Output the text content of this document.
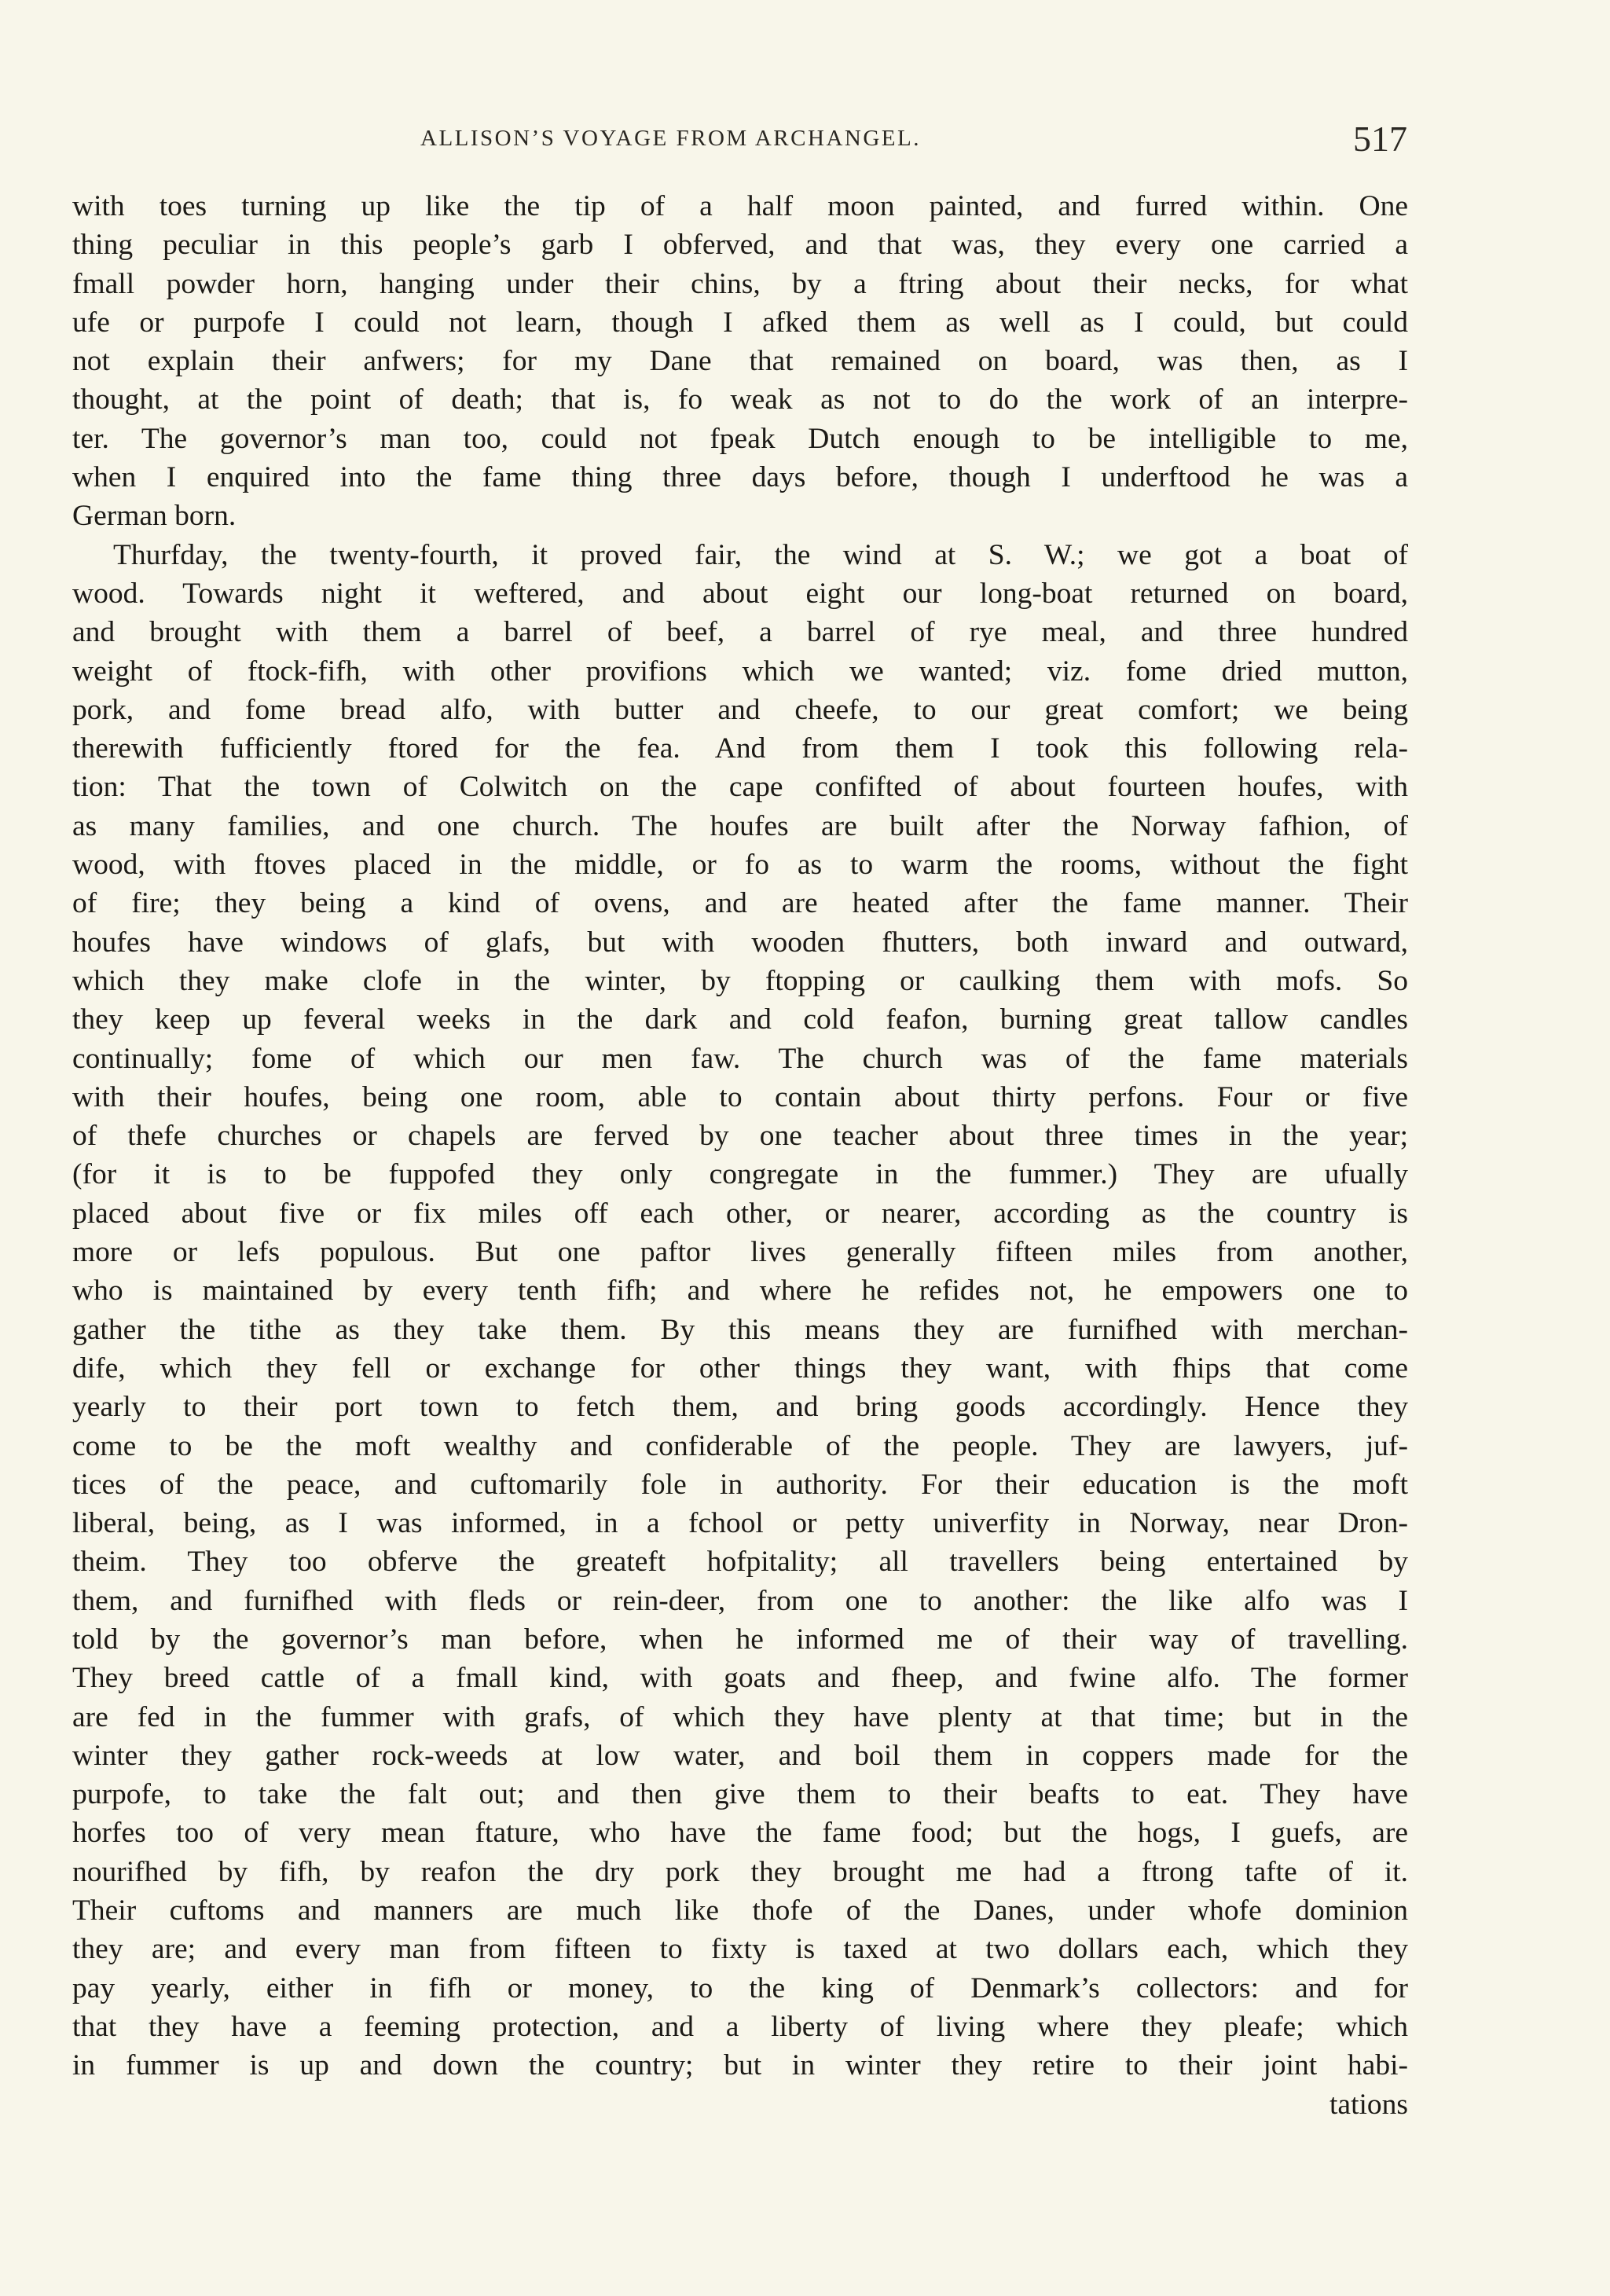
ALLISON’S VOYAGE FROM ARCHANGEL.	517
with toes turning up like the tip of a half moon painted, and furred within. One
thing peculiar in this people’s garb I obferved, and that was, they every one carried a
fmall powder horn, hanging under their chins, by a ftring about their necks, for what
ufe or purpofe I could not learn, though I afked them as well as I could, but could
not explain their anfwers; for my Dane that remained on board, was then, as I
thought, at the point of death; that is, fo weak as not to do the work of an interpre-
ter. The governor’s man too, could not fpeak Dutch enough to be intelligible to me,
when I enquired into the fame thing three days before, though I underftood he was a
German born.
Thurfday, the twenty-fourth, it proved fair, the wind at S. W.; we got a boat of
wood. Towards night it weftered, and about eight our long-boat returned on board,
and brought with them a barrel of beef, a barrel of rye meal, and three hundred
weight of ftock-fifh, with other provifions which we wanted; viz. fome dried mutton,
pork, and fome bread alfo, with butter and cheefe, to our great comfort; we being
therewith fufficiently ftored for the fea. And from them I took this following rela-
tion: That the town of Colwitch on the cape confifted of about fourteen houfes, with
as many families, and one church. The houfes are built after the Norway fafhion, of
wood, with ftoves placed in the middle, or fo as to warm the rooms, without the fight
of fire; they being a kind of ovens, and are heated after the fame manner. Their
houfes have windows of glafs, but with wooden fhutters, both inward and outward,
which they make clofe in the winter, by ftopping or caulking them with mofs. So
they keep up feveral weeks in the dark and cold feafon, burning great tallow candles
continually; fome of which our men faw. The church was of the fame materials
with their houfes, being one room, able to contain about thirty perfons. Four or five
of thefe churches or chapels are ferved by one teacher about three times in the year;
(for it is to be fuppofed they only congregate in the fummer.) They are ufually
placed about five or fix miles off each other, or nearer, according as the country is
more or lefs populous. But one paftor lives generally fifteen miles from another,
who is maintained by every tenth fifh; and where he refides not, he empowers one to
gather the tithe as they take them. By this means they are furnifhed with merchan-
dife, which they fell or exchange for other things they want, with fhips that come
yearly to their port town to fetch them, and bring goods accordingly. Hence they
come to be the moft wealthy and confiderable of the people. They are lawyers, juf-
tices of the peace, and cuftomarily fole in authority. For their education is the moft
liberal, being, as I was informed, in a fchool or petty univerfity in Norway, near Dron-
theim. They too obferve the greateft hofpitality; all travellers being entertained by
them, and furnifhed with fleds or rein-deer, from one to another: the like alfo was I
told by the governor’s man before, when he informed me of their way of travelling.
They breed cattle of a fmall kind, with goats and fheep, and fwine alfo. The former
are fed in the fummer with grafs, of which they have plenty at that time; but in the
winter they gather rock-weeds at low water, and boil them in coppers made for the
purpofe, to take the falt out; and then give them to their beafts to eat. They have
horfes too of very mean ftature, who have the fame food; but the hogs, I guefs, are
nourifhed by fifh, by reafon the dry pork they brought me had a ftrong tafte of it.
Their cuftoms and manners are much like thofe of the Danes, under whofe dominion
they are; and every man from fifteen to fixty is taxed at two dollars each, which they
pay yearly, either in fifh or money, to the king of Denmark’s collectors: and for
that they have a feeming protection, and a liberty of living where they pleafe; which
in fummer is up and down the country; but in winter they retire to their joint habi-
tations
